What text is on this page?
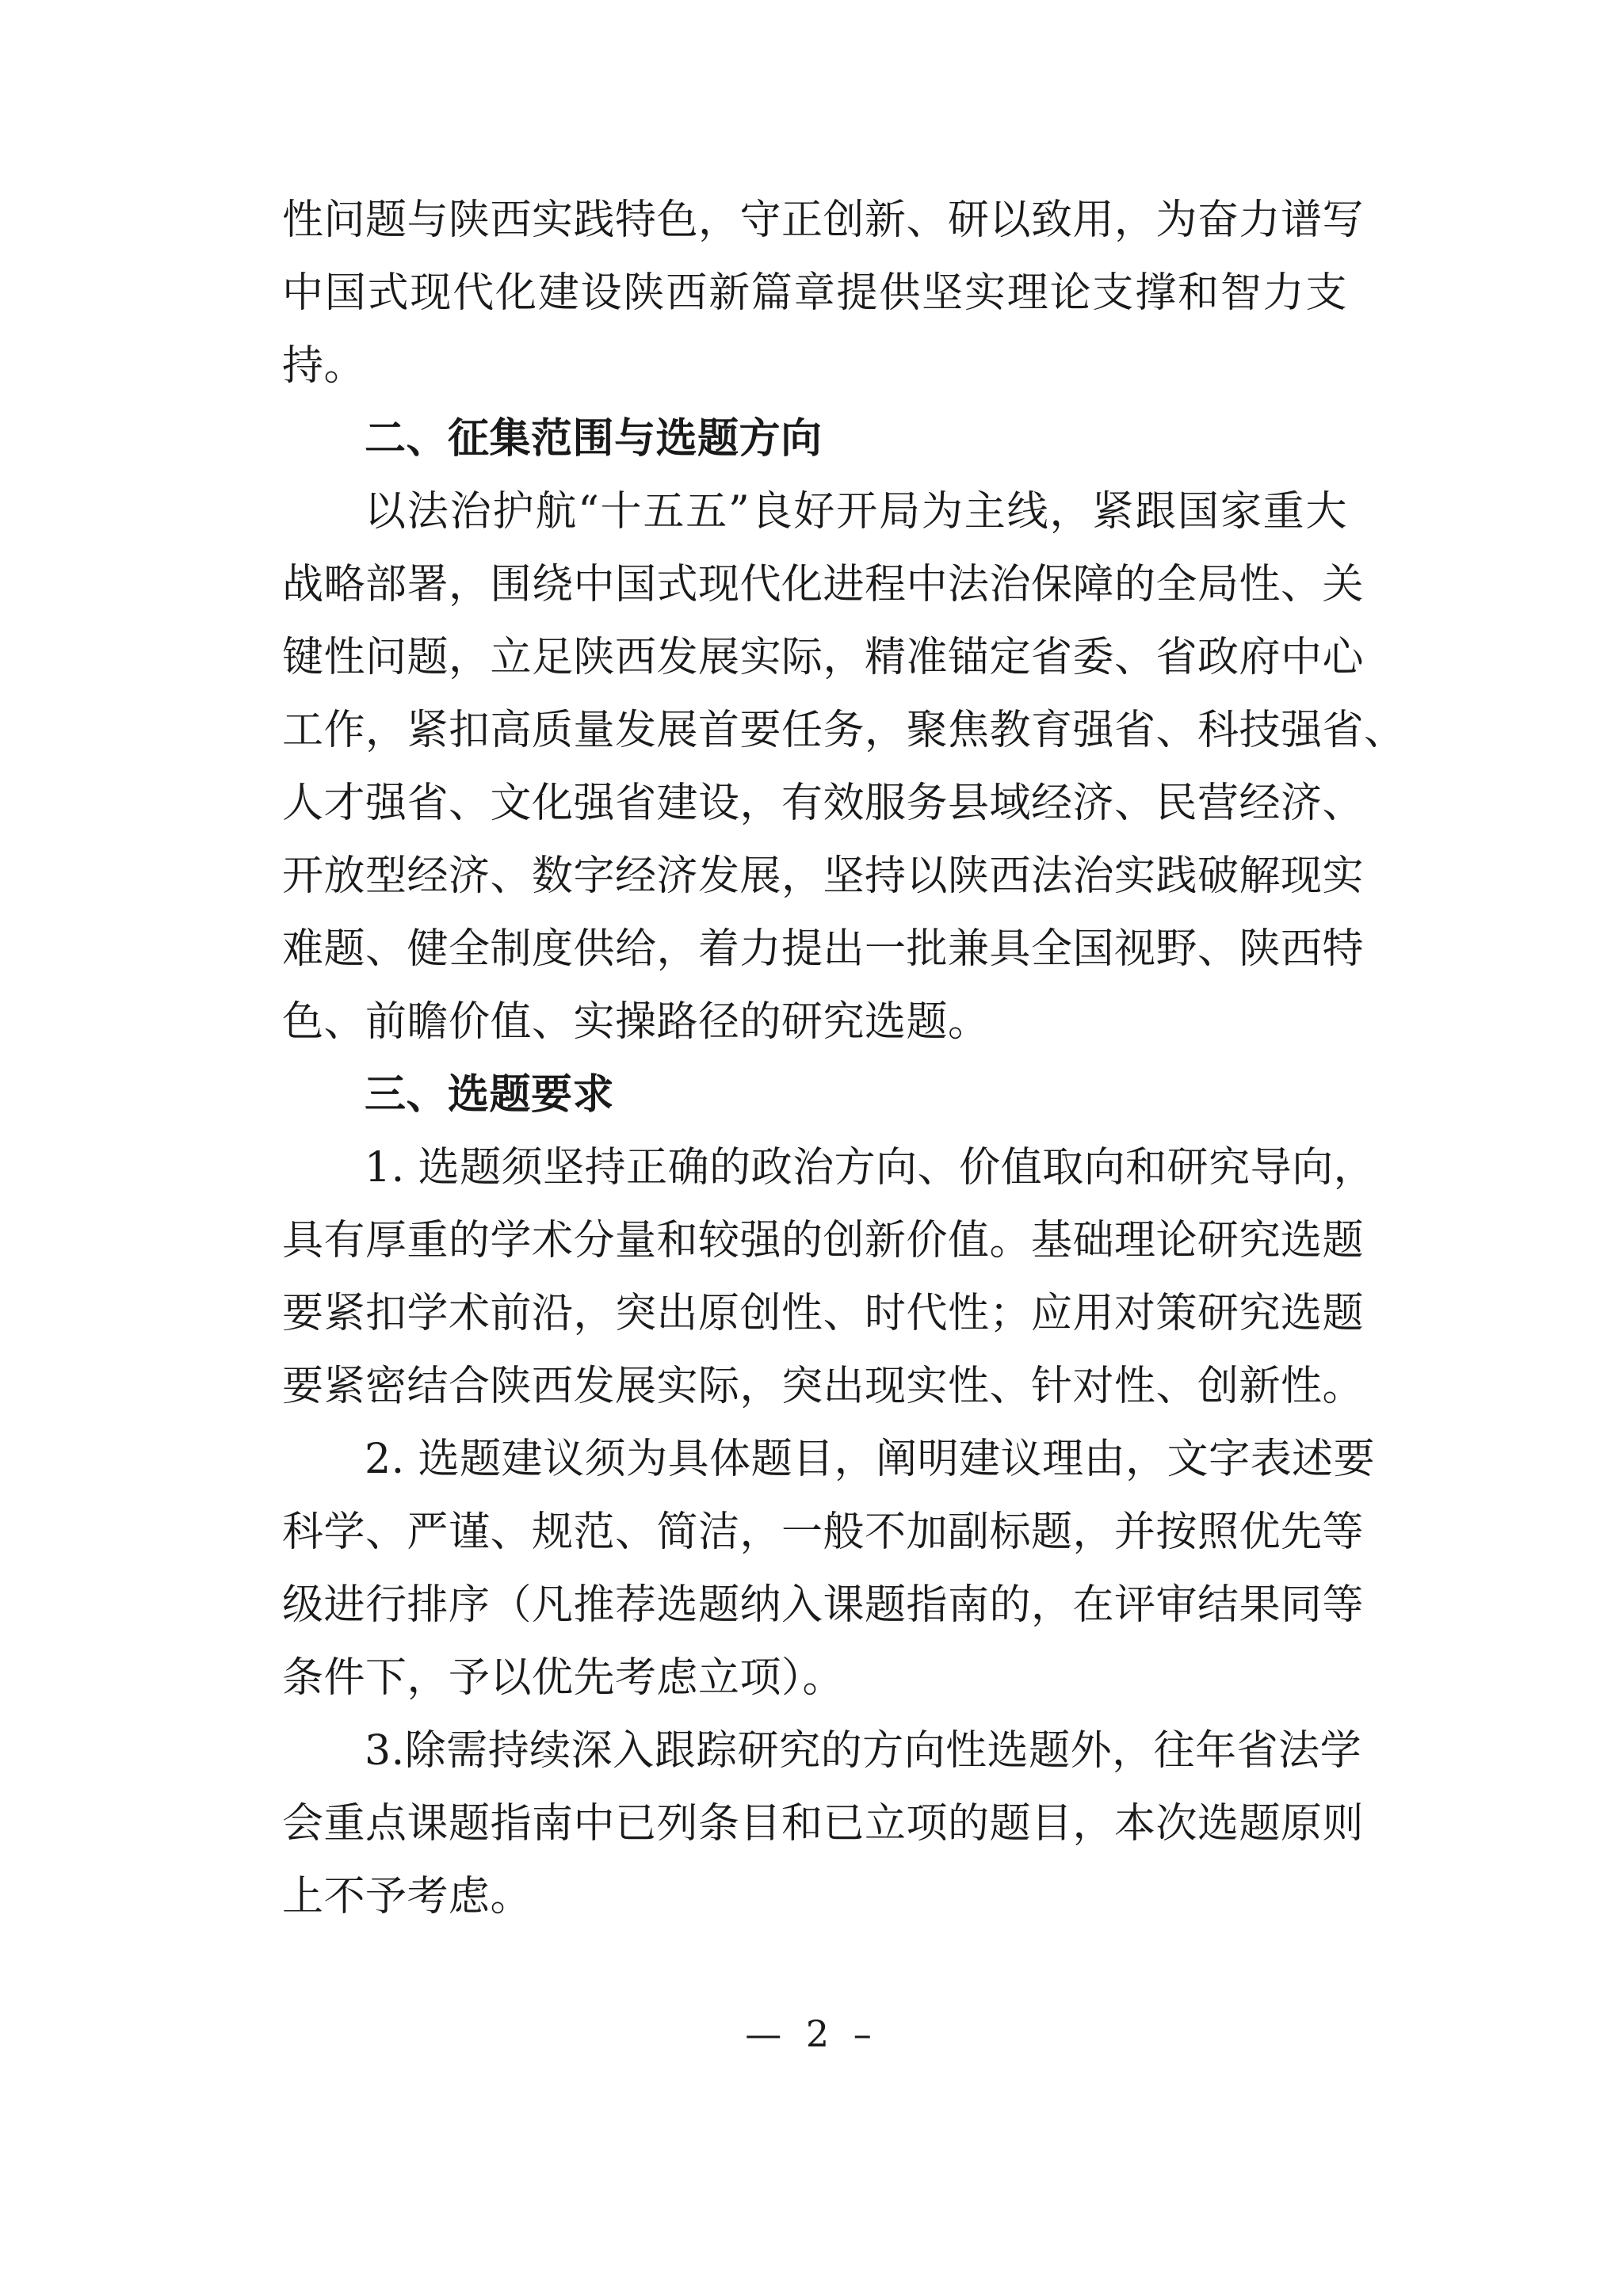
性问题与陕西实践特色，守正创新、研以致用，为奋力谱写
中国式现代化建设陕西新篇章提供坚实理论支撑和智力支
持。
二、征集范围与选题方向
以法治护航“十五五”良好开局为主线，紧跟国家重大
战略部署，围绕中国式现代化进程中法治保障的全局性、关
键性问题，立足陕西发展实际，精准锚定省委、省政府中心
工作，紧扣高质量发展首要任务，聚焦教育强省、科技强省、
人才强省、文化强省建设，有效服务县域经济、民营经济、
开放型经济、数字经济发展，坚持以陕西法治实践破解现实
难题、健全制度供给，着力提出一批兼具全国视野、陕西特
色、前瞻价值、实操路径的研究选题。
三、选题要求
1. 选题须坚持正确的政治方向、价值取向和研究导向，
具有厚重的学术分量和较强的创新价值。基础理论研究选题
要紧扣学术前沿，突出原创性、时代性；应用对策研究选题
要紧密结合陕西发展实际，突出现实性、针对性、创新性。
2. 选题建议须为具体题目，阐明建议理由，文字表述要
科学、严谨、规范、简洁，一般不加副标题，并按照优先等
级进行排序（凡推荐选题纳入课题指南的，在评审结果同等
条件下，予以优先考虑立项）。
3.除需持续深入跟踪研究的方向性选题外，往年省法学
会重点课题指南中已列条目和已立项的题目，本次选题原则
上不予考虑。
— 2 –
